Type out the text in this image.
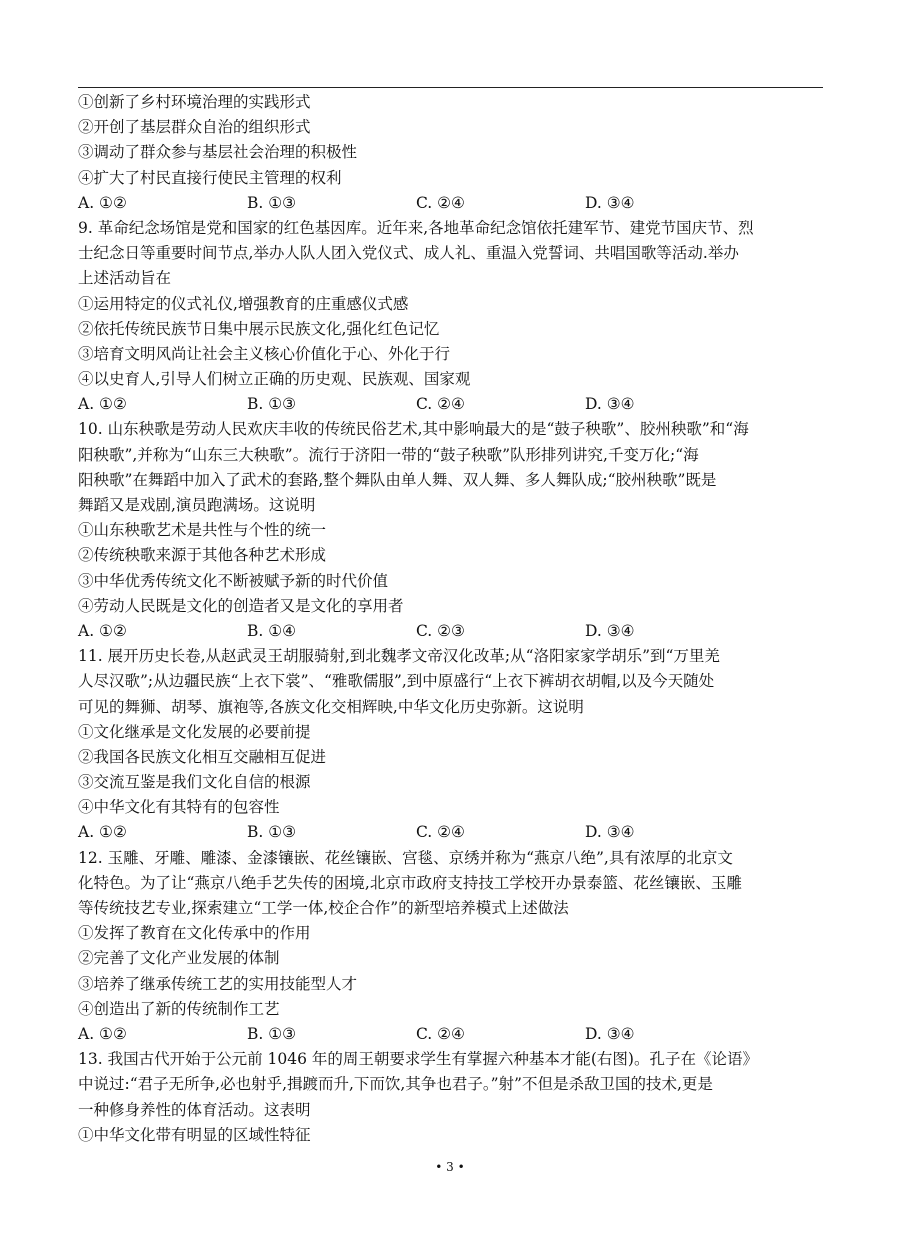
①创新了乡村环境治理的实践形式
②开创了基层群众自治的组织形式
③调动了群众参与基层社会治理的积极性
④扩大了村民直接行使民主管理的权利
A. ①②	B. ①③	C. ②④	D. ③④
9. 革命纪念场馆是党和国家的红色基因库。近年来,各地革命纪念馆依托建军节、建党节国庆节、烈
士纪念日等重要时间节点,举办人队人团入党仪式、成人礼、重温入党誓词、共唱国歌等活动.举办
上述活动旨在
①运用特定的仪式礼仪,增强教育的庄重感仪式感
②依托传统民族节日集中展示民族文化,强化红色记忆
③培育文明风尚让社会主义核心价值化于心、外化于行
④以史育人,引导人们树立正确的历史观、民族观、国家观
A. ①②	B. ①③	C. ②④	D. ③④
10. 山东秧歌是劳动人民欢庆丰收的传统民俗艺术,其中影响最大的是“鼓子秧歌”、胶州秧歌”和“海
阳秧歌”,并称为“山东三大秧歌”。流行于济阳一带的“鼓子秧歌”队形排列讲究,千变万化;“海
阳秧歌”在舞蹈中加入了武术的套路,整个舞队由单人舞、双人舞、多人舞队成;“胶州秧歌”既是
舞蹈又是戏剧,演员跑满场。这说明
①山东秧歌艺术是共性与个性的统一
②传统秧歌来源于其他各种艺术形成
③中华优秀传统文化不断被赋予新的时代价值
④劳动人民既是文化的创造者又是文化的享用者
A. ①②	B. ①④	C. ②③	D. ③④
11. 展开历史长卷,从赵武灵王胡服骑射,到北魏孝文帝汉化改革;从“洛阳家家学胡乐”到“万里羌
人尽汉歌”;从边疆民族“上衣下裳”、“雅歌儒服”,到中原盛行“上衣下裤胡衣胡帽,以及今天随处
可见的舞狮、胡琴、旗袍等,各族文化交相辉映,中华文化历史弥新。这说明
①文化继承是文化发展的必要前提
②我国各民族文化相互交融相互促进
③交流互鉴是我们文化自信的根源
④中华文化有其特有的包容性
A. ①②	B. ①③	C. ②④	D. ③④
12. 玉雕、牙雕、雕漆、金漆镶嵌、花丝镶嵌、宫毯、京绣并称为“燕京八绝”,具有浓厚的北京文
化特色。为了让“燕京八绝手艺失传的困境,北京市政府支持技工学校开办景泰篮、花丝镶嵌、玉雕
等传统技艺专业,探索建立“工学一体,校企合作”的新型培养模式上述做法
①发挥了教育在文化传承中的作用
②完善了文化产业发展的体制
③培养了继承传统工艺的实用技能型人才
④创造出了新的传统制作工艺
A. ①②	B. ①③	C. ②④	D. ③④
13. 我国古代开始于公元前 1046 年的周王朝要求学生有掌握六种基本才能(右图)。孔子在《论语》
中说过:“君子无所争,必也射乎,揖踱而升,下而饮,其争也君子。”射”不但是杀敌卫国的技术,更是
一种修身养性的体育活动。这表明
①中华文化带有明显的区域性特征
• 3 •
